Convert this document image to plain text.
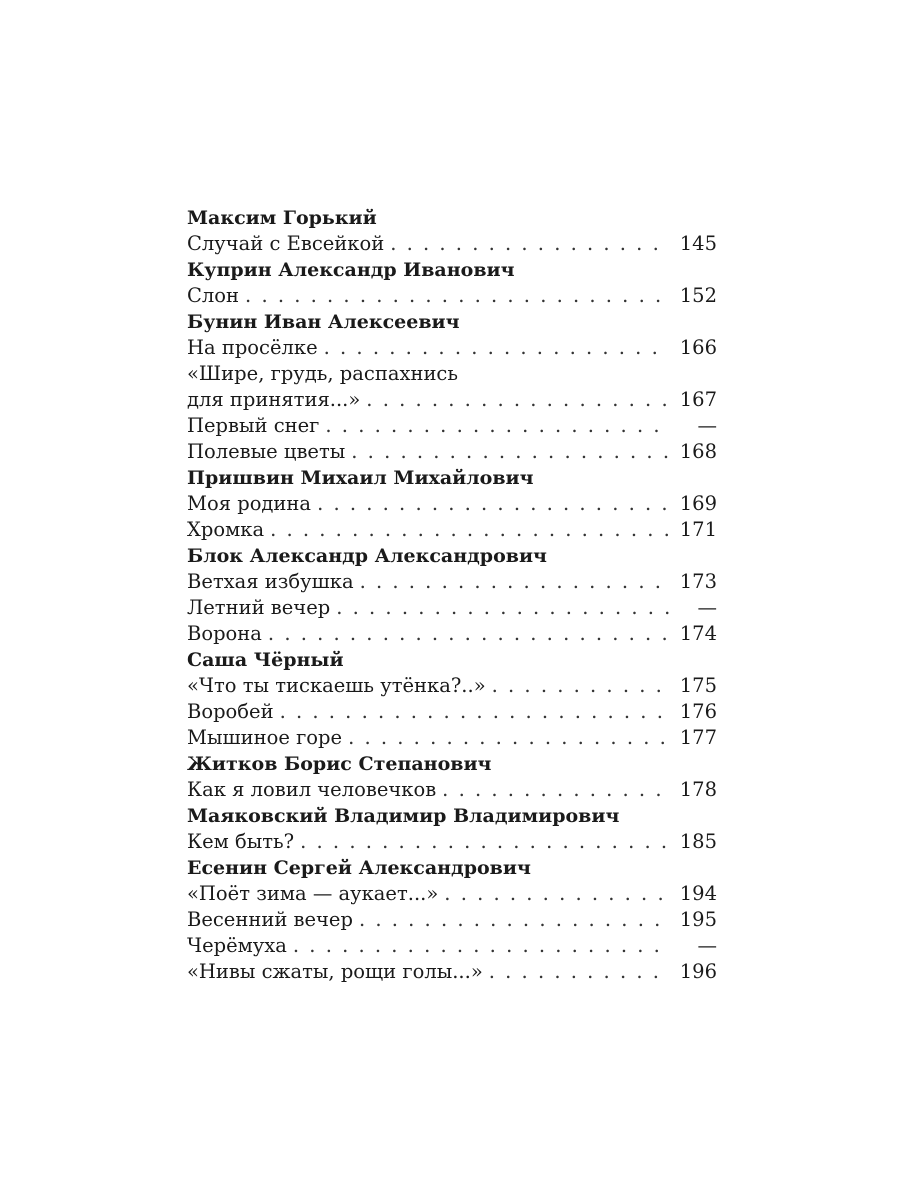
Максим Горький
Случай с Евсейкой . . .	145
Куприн Александр Иванович
Слон . . .	152
Бунин Иван Алексеевич
На просёлке . . .	166
«Шире, грудь, распахнись
для принятия...» . . .	167
Первый снег . . .	—
Полевые цветы . . .	168
Пришвин Михаил Михайлович
Моя родина . . .	169
Хромка . . .	171
Блок Александр Александрович
Ветхая избушка . . .	173
Летний вечер . . .	—
Ворона . . .	174
Саша Чёрный
«Что ты тискаешь утёнка?..» . . .	175
Воробей . . .	176
Мышиное горе . . .	177
Житков Борис Степанович
Как я ловил человечков . . .	178
Маяковский Владимир Владимирович
Кем быть? . . .	185
Есенин Сергей Александрович
«Поёт зима — аукает...» . . .	194
Весенний вечер . . .	195
Черёмуха . . .	—
«Нивы сжаты, рощи голы...» . . .	196
